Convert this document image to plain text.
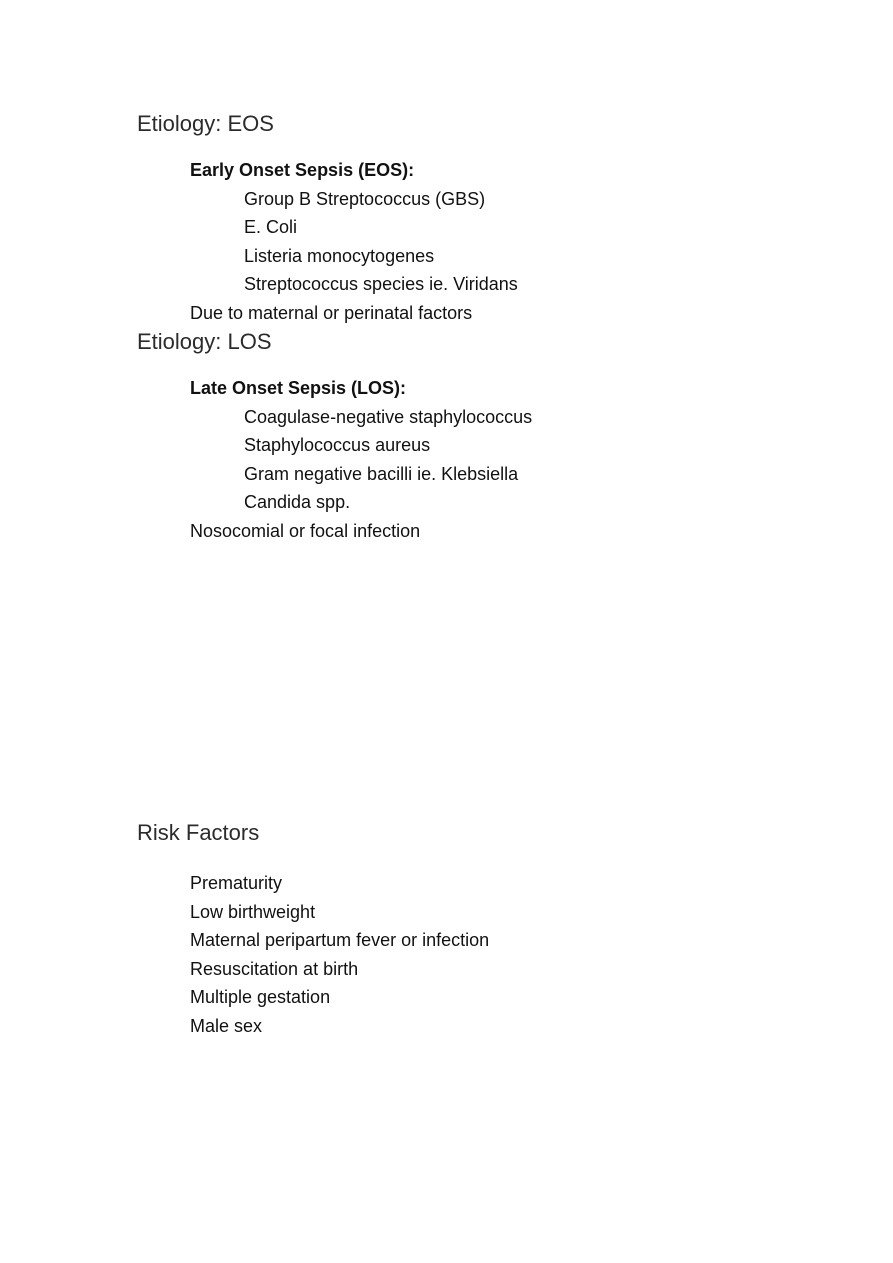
Etiology: EOS
Early Onset Sepsis (EOS):

Group B Streptococcus (GBS)

E. Coli

Listeria monocytogenes

Streptococcus species ie. Viridans

Due to maternal or perinatal factors

Etiology: LOS
Late Onset Sepsis (LOS):

Coagulase-negative staphylococcus

Staphylococcus aureus

Gram negative bacilli ie. Klebsiella

Candida spp.

Nosocomial or focal infection

Risk Factors

Prematurity

Low birthweight

Maternal peripartum fever or infection

Resuscitation at birth

Multiple gestation

Male sex
